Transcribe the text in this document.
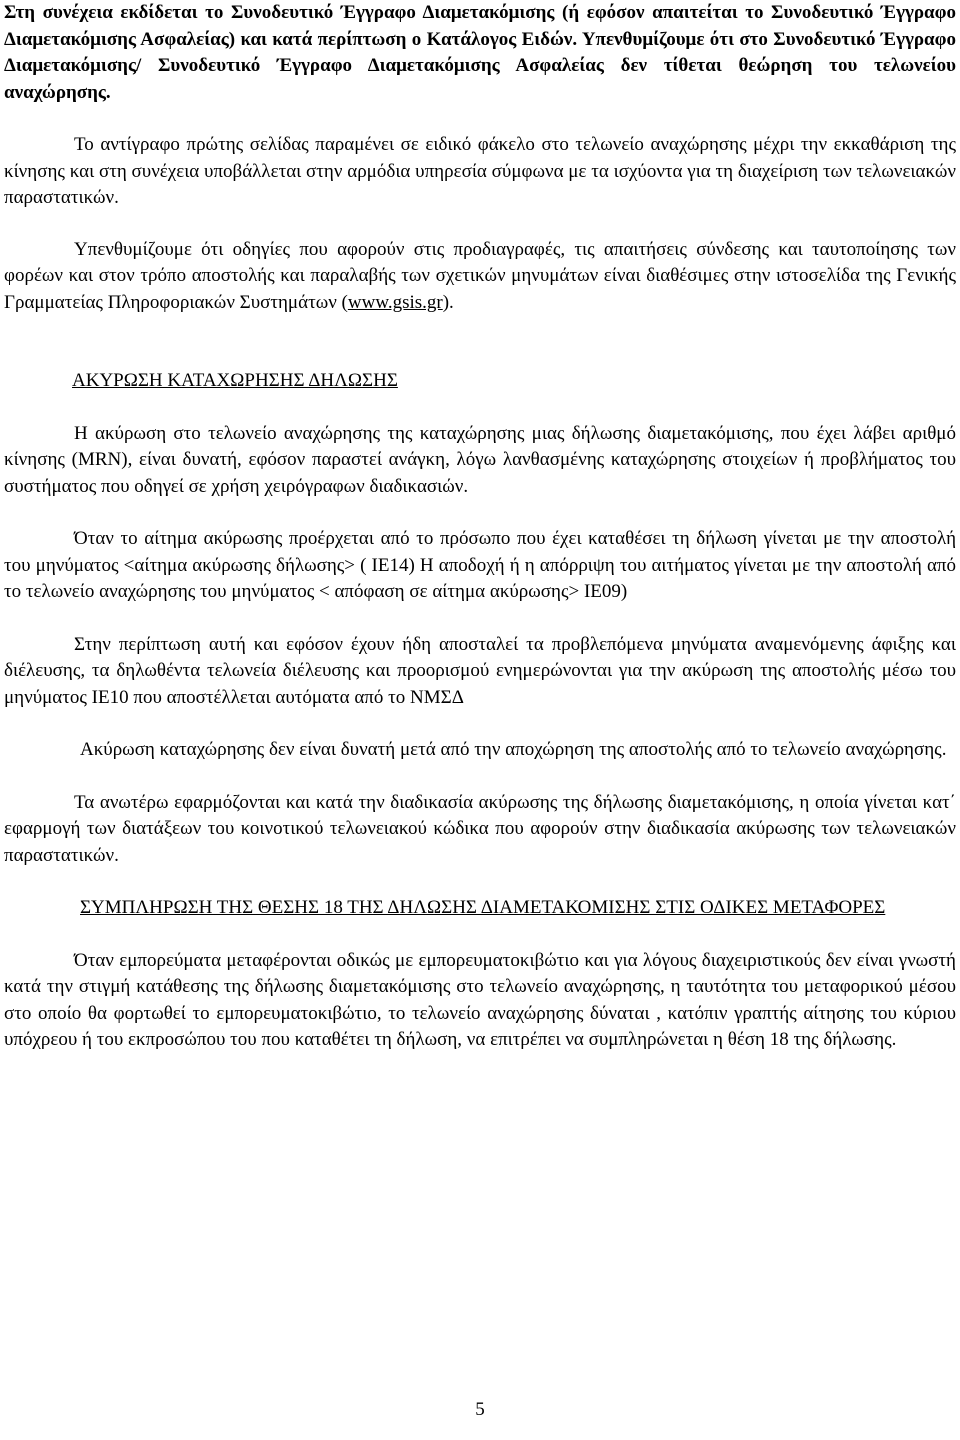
Στη συνέχεια εκδίδεται το Συνοδευτικό Έγγραφο Διαμετακόμισης (ή εφόσον απαιτείται το Συνοδευτικό Έγγραφο Διαμετακόμισης Ασφαλείας) και κατά περίπτωση ο Κατάλογος Ειδών. Υπενθυμίζουμε ότι στο Συνοδευτικό Έγγραφο Διαμετακόμισης/ Συνοδευτικό Έγγραφο Διαμετακόμισης Ασφαλείας δεν τίθεται θεώρηση του τελωνείου αναχώρησης.

Το αντίγραφο πρώτης σελίδας παραμένει σε ειδικό φάκελο στο τελωνείο αναχώρησης μέχρι την εκκαθάριση της κίνησης και στη συνέχεια υποβάλλεται στην αρμόδια υπηρεσία σύμφωνα με τα ισχύοντα για τη διαχείριση των τελωνειακών παραστατικών.

Υπενθυμίζουμε ότι οδηγίες που αφορούν στις προδιαγραφές, τις απαιτήσεις σύνδεσης και ταυτοποίησης των φορέων και στον τρόπο αποστολής και παραλαβής των σχετικών μηνυμάτων είναι διαθέσιμες στην ιστοσελίδα της Γενικής Γραμματείας Πληροφοριακών Συστημάτων (www.gsis.gr).

ΑΚΥΡΩΣΗ ΚΑΤΑΧΩΡΗΣΗΣ ΔΗΛΩΣΗΣ

Η ακύρωση στο τελωνείο αναχώρησης της καταχώρησης μιας δήλωσης διαμετακόμισης, που έχει λάβει αριθμό κίνησης (MRN), είναι δυνατή, εφόσον παραστεί ανάγκη, λόγω λανθασμένης καταχώρησης στοιχείων ή προβλήματος του συστήματος που οδηγεί σε χρήση χειρόγραφων διαδικασιών.

Όταν το αίτημα ακύρωσης προέρχεται από το πρόσωπο που έχει καταθέσει τη δήλωση γίνεται με την αποστολή του μηνύματος <αίτημα ακύρωσης δήλωσης> ( IE14) Η αποδοχή ή η απόρριψη του αιτήματος γίνεται με την αποστολή από το τελωνείο αναχώρησης του μηνύματος < απόφαση σε αίτημα ακύρωσης> IE09)

Στην περίπτωση αυτή και εφόσον έχουν ήδη αποσταλεί τα προβλεπόμενα μηνύματα αναμενόμενης άφιξης και διέλευσης, τα δηλωθέντα τελωνεία διέλευσης και προορισμού ενημερώνονται για την ακύρωση της αποστολής μέσω του μηνύματος IE10 που αποστέλλεται αυτόματα από το ΝΜΣΔ

Ακύρωση καταχώρησης δεν είναι δυνατή μετά από την αποχώρηση της αποστολής από το τελωνείο αναχώρησης.

Τα ανωτέρω εφαρμόζονται και κατά την διαδικασία ακύρωσης της δήλωσης διαμετακόμισης, η οποία γίνεται κατ΄ εφαρμογή των διατάξεων του κοινοτικού τελωνειακού κώδικα που αφορούν στην διαδικασία ακύρωσης των τελωνειακών παραστατικών.

ΣΥΜΠΛΗΡΩΣΗ ΤΗΣ ΘΕΣΗΣ 18 ΤΗΣ ΔΗΛΩΣΗΣ ΔΙΑΜΕΤΑΚΟΜΙΣΗΣ ΣΤΙΣ ΟΔΙΚΕΣ ΜΕΤΑΦΟΡΕΣ

Όταν εμπορεύματα μεταφέρονται οδικώς με εμπορευματοκιβώτιο και για λόγους διαχειριστικούς δεν είναι γνωστή κατά την στιγμή κατάθεσης της δήλωσης διαμετακόμισης στο τελωνείο αναχώρησης, η ταυτότητα του μεταφορικού μέσου στο οποίο θα φορτωθεί το εμπορευματοκιβώτιο, το τελωνείο αναχώρησης δύναται , κατόπιν γραπτής αίτησης του κύριου υπόχρεου ή του εκπροσώπου του που καταθέτει τη δήλωση, να επιτρέπει να συμπληρώνεται η θέση 18 της δήλωσης.

5
